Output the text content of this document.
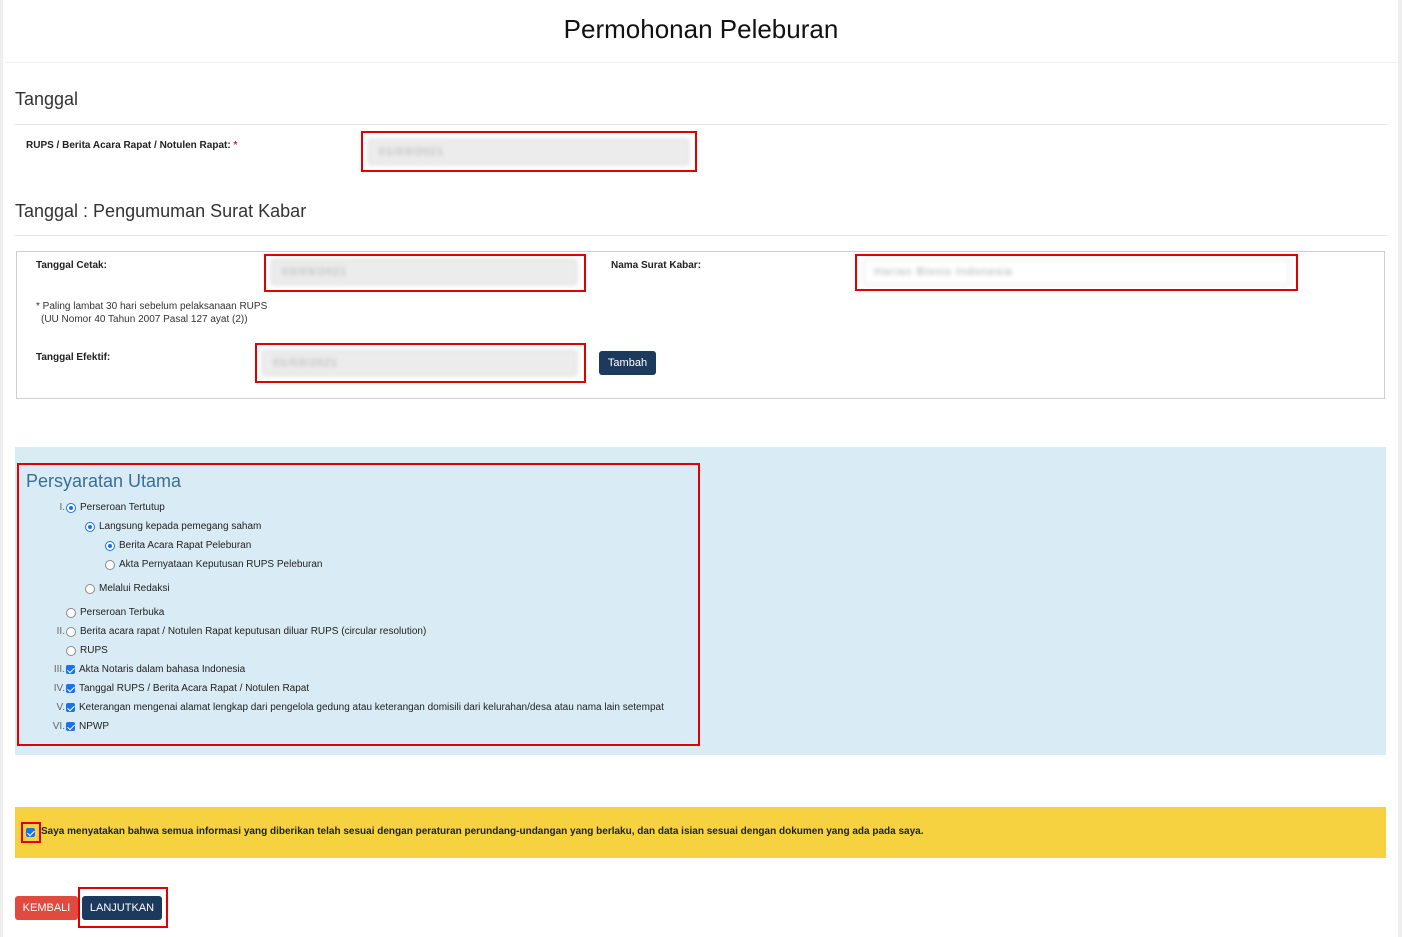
Permohonan Peleburan
Tanggal
RUPS / Berita Acara Rapat / Notulen Rapat: *
01/03/2021
Tanggal : Pengumuman Surat Kabar
Tanggal Cetak:
03/03/2021	Nama Surat Kabar:
Harian Bisnis Indonesia
* Paling lambat 30 hari sebelum pelaksanaan RUPS
(UU Nomor 40 Tahun 2007 Pasal 127 ayat (2))
Tanggal Efektif:
01/03/2021	Tambah
Persyaratan Utama
I. Perseroan Tertutup
Langsung kepada pemegang saham
Berita Acara Rapat Peleburan
Akta Pernyataan Keputusan RUPS Peleburan
Melalui Redaksi
Perseroan Terbuka
II. Berita acara rapat / Notulen Rapat keputusan diluar RUPS (circular resolution)
RUPS
III. Akta Notaris dalam bahasa Indonesia
IV. Tanggal RUPS / Berita Acara Rapat / Notulen Rapat
V. Keterangan mengenai alamat lengkap dari pengelola gedung atau keterangan domisili dari kelurahan/desa atau nama lain setempat
VI. NPWP
Saya menyatakan bahwa semua informasi yang diberikan telah sesuai dengan peraturan perundang-undangan yang berlaku, dan data isian sesuai dengan dokumen yang ada pada saya.
KEMBALI	LANJUTKAN
